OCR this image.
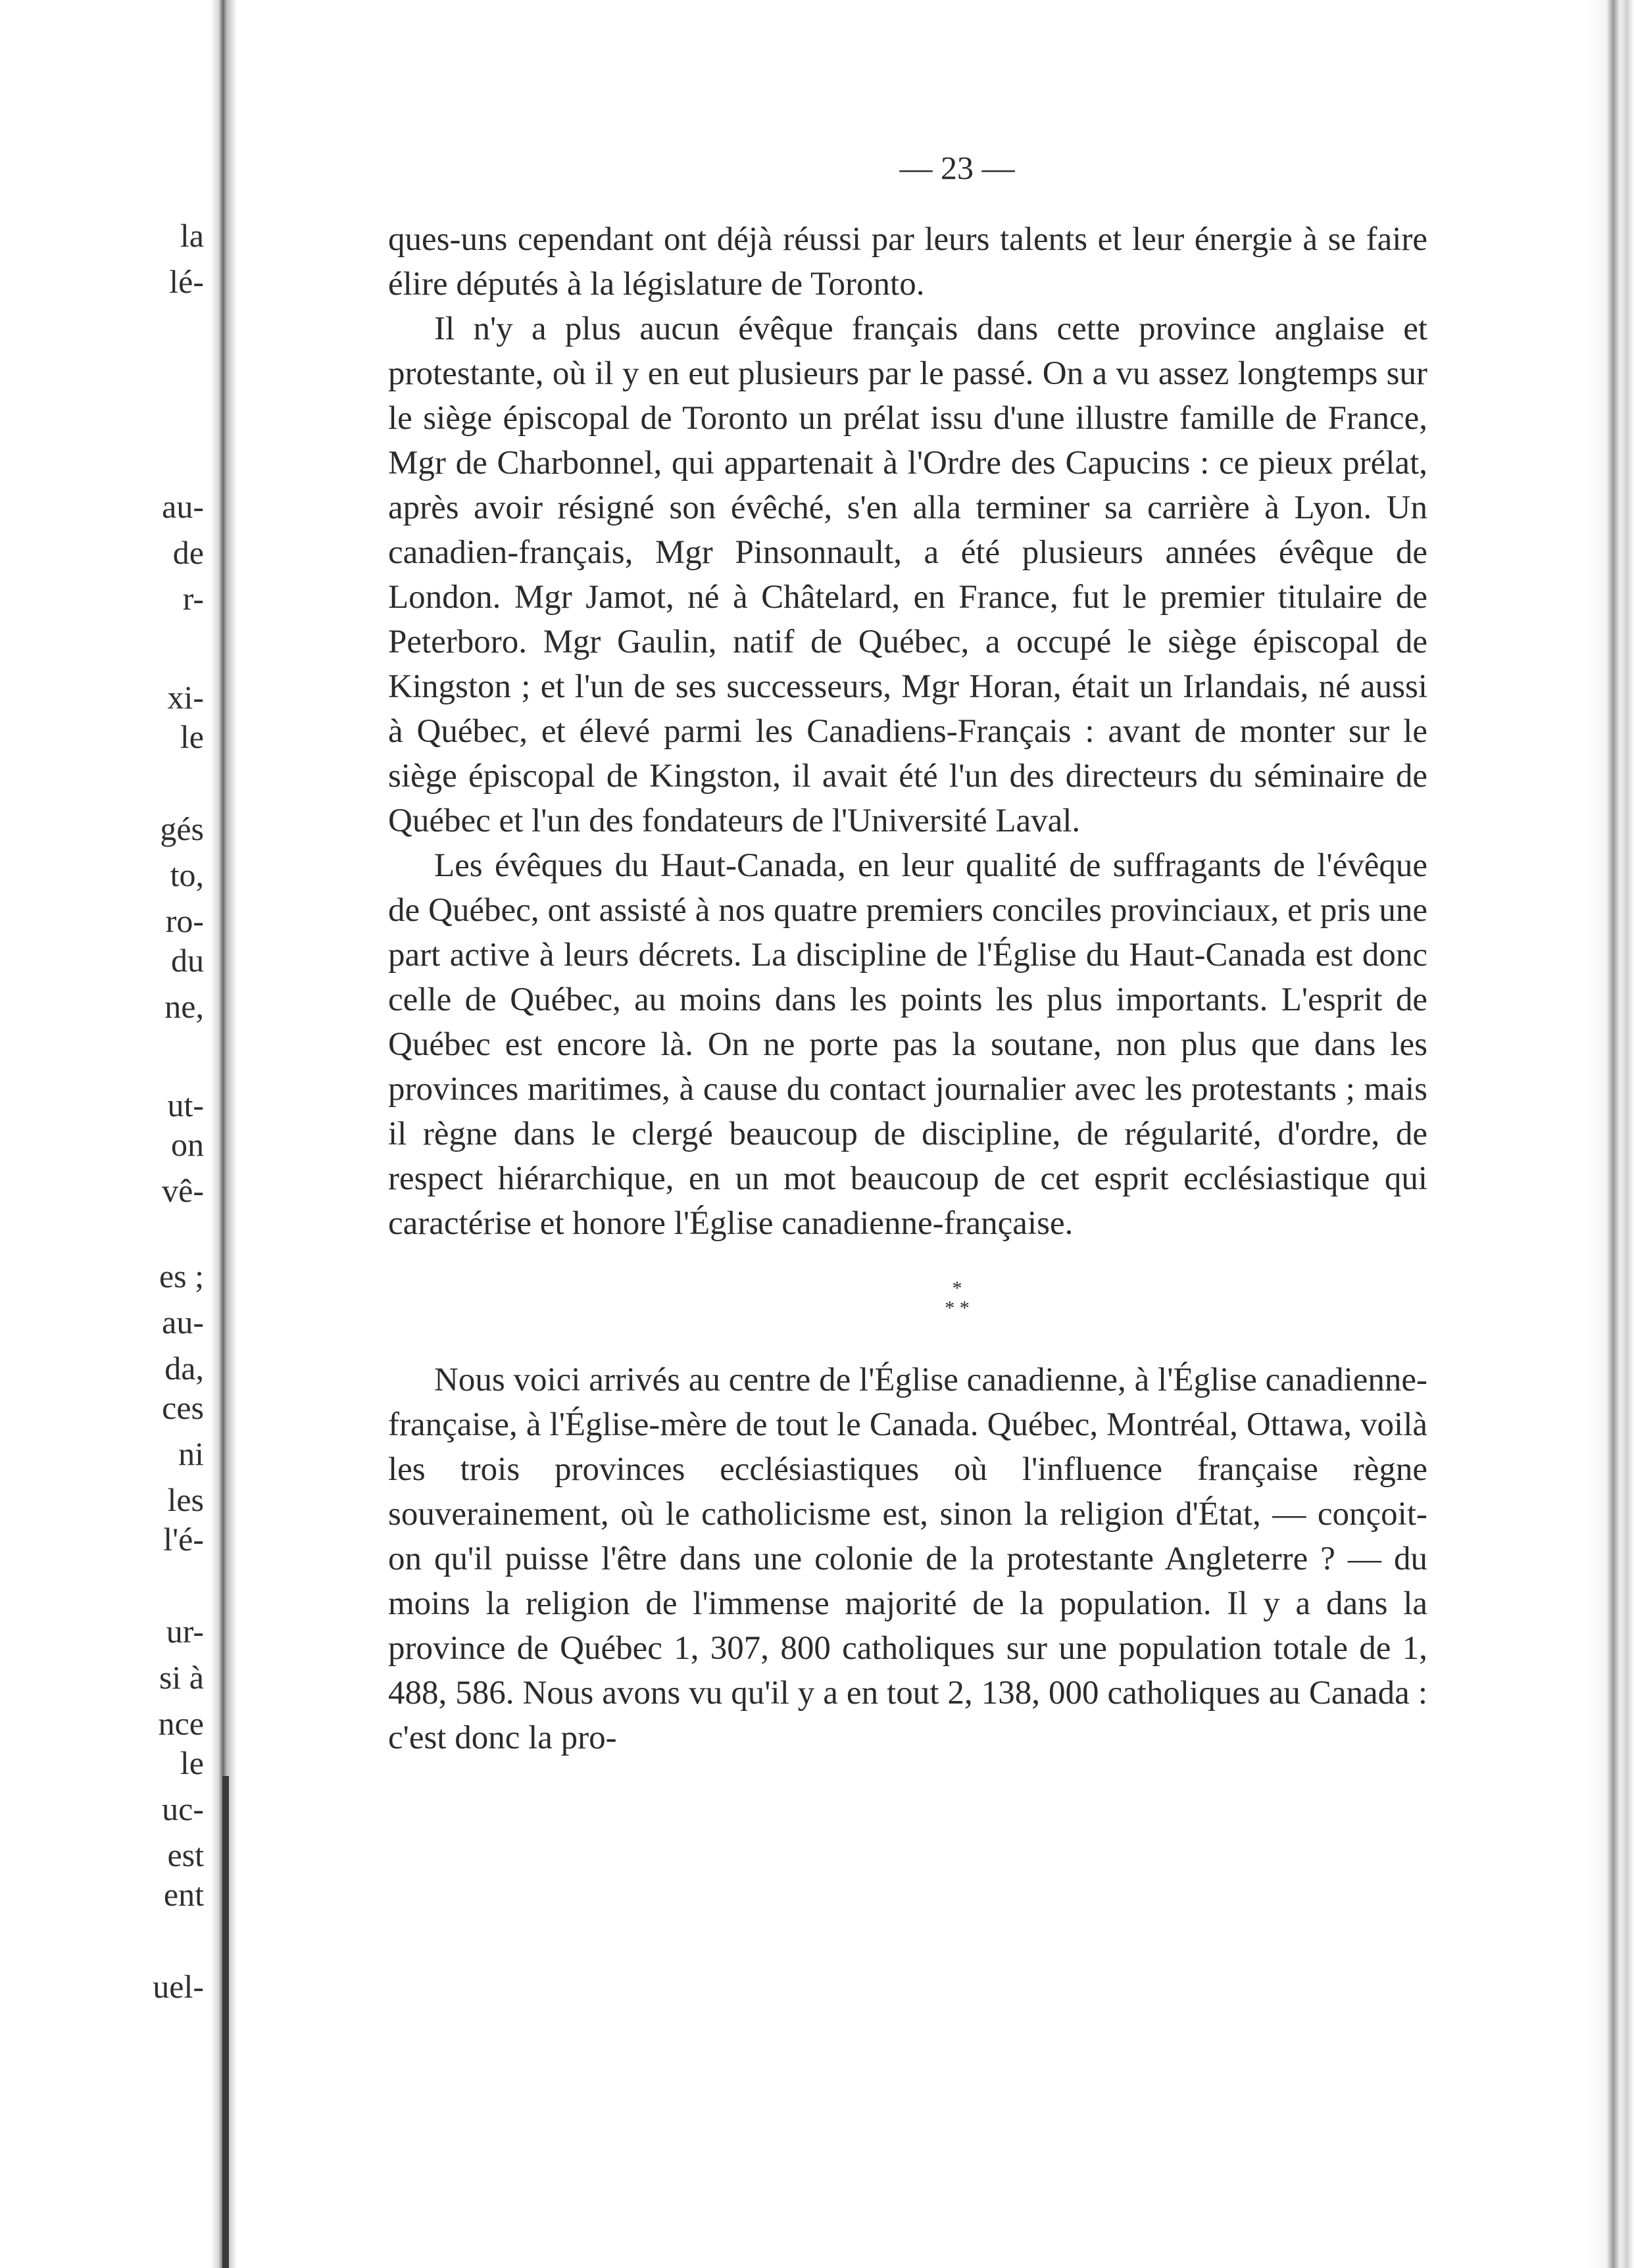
la
lé-
au-
de
r-
xi-
le
gés
to,
ro-
du
ne,
ut-
on
vê-
es ;
au-
da,
ces
ni
les
l'é-
ur-
si à
nce
le
uc-
est
ent
uel-
— 23 —

ques-uns cependant ont déjà réussi par leurs talents et leur énergie à se faire élire députés à la législature de Toronto.

Il n'y a plus aucun évêque français dans cette province anglaise et protestante, où il y en eut plusieurs par le passé. On a vu assez longtemps sur le siège épiscopal de Toronto un prélat issu d'une illustre famille de France, Mgr de Charbonnel, qui appartenait à l'Ordre des Capucins : ce pieux prélat, après avoir résigné son évêché, s'en alla terminer sa carrière à Lyon. Un canadien-français, Mgr Pinsonnault, a été plusieurs années évêque de London. Mgr Jamot, né à Châtelard, en France, fut le premier titulaire de Peterboro. Mgr Gaulin, natif de Québec, a occupé le siège épiscopal de Kingston ; et l'un de ses successeurs, Mgr Horan, était un Irlandais, né aussi à Québec, et élevé parmi les Canadiens-Français : avant de monter sur le siège épiscopal de Kingston, il avait été l'un des directeurs du séminaire de Québec et l'un des fondateurs de l'Université Laval.

Les évêques du Haut-Canada, en leur qualité de suffragants de l'évêque de Québec, ont assisté à nos quatre premiers conciles provinciaux, et pris une part active à leurs décrets. La discipline de l'Église du Haut-Canada est donc celle de Québec, au moins dans les points les plus importants. L'esprit de Québec est encore là. On ne porte pas la soutane, non plus que dans les provinces maritimes, à cause du contact journalier avec les protestants ; mais il règne dans le clergé beaucoup de discipline, de régularité, d'ordre, de respect hiérarchique, en un mot beaucoup de cet esprit ecclésiastique qui caractérise et honore l'Église canadienne-française.

*
* *

Nous voici arrivés au centre de l'Église canadienne, à l'Église canadienne-française, à l'Église-mère de tout le Canada. Québec, Montréal, Ottawa, voilà les trois provinces ecclésiastiques où l'influence française règne souverainement, où le catholicisme est, sinon la religion d'État, — conçoit-on qu'il puisse l'être dans une colonie de la protestante Angleterre ? — du moins la religion de l'immense majorité de la population. Il y a dans la province de Québec 1, 307, 800 catholiques sur une population totale de 1, 488, 586. Nous avons vu qu'il y a en tout 2, 138, 000 catholiques au Canada : c'est donc la pro-
